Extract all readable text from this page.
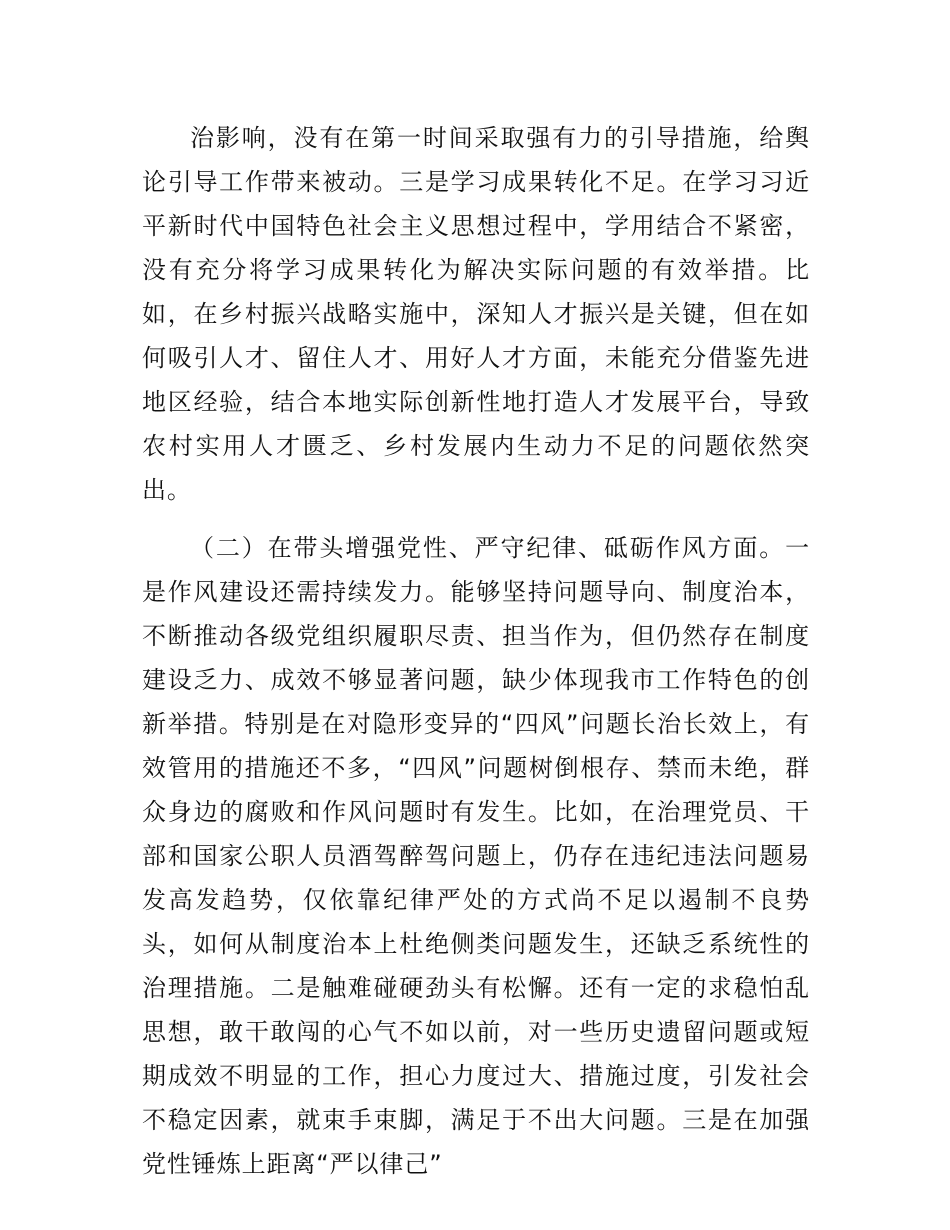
治影响，没有在第一时间采取强有力的引导措施，给舆论引导工作带来被动。三是学习成果转化不足。在学习习近平新时代中国特色社会主义思想过程中，学用结合不紧密，没有充分将学习成果转化为解决实际问题的有效举措。比如，在乡村振兴战略实施中，深知人才振兴是关键，但在如何吸引人才、留住人才、用好人才方面，未能充分借鉴先进地区经验，结合本地实际创新性地打造人才发展平台，导致农村实用人才匮乏、乡村发展内生动力不足的问题依然突出。

（二）在带头增强党性、严守纪律、砥砺作风方面。一是作风建设还需持续发力。能够坚持问题导向、制度治本，不断推动各级党组织履职尽责、担当作为，但仍然存在制度建设乏力、成效不够显著问题，缺少体现我市工作特色的创新举措。特别是在对隐形变异的“四风”问题长治长效上，有效管用的措施还不多，“四风”问题树倒根存、禁而未绝，群众身边的腐败和作风问题时有发生。比如，在治理党员、干部和国家公职人员酒驾醉驾问题上，仍存在违纪违法问题易发高发趋势，仅依靠纪律严处的方式尚不足以遏制不良势头，如何从制度治本上杜绝侧类问题发生，还缺乏系统性的治理措施。二是触难碰硬劲头有松懈。还有一定的求稳怕乱思想，敢干敢闯的心气不如以前，对一些历史遗留问题或短期成效不明显的工作，担心力度过大、措施过度，引发社会不稳定因素，就束手束脚，满足于不出大问题。三是在加强党性锤炼上距离“严以律己”
